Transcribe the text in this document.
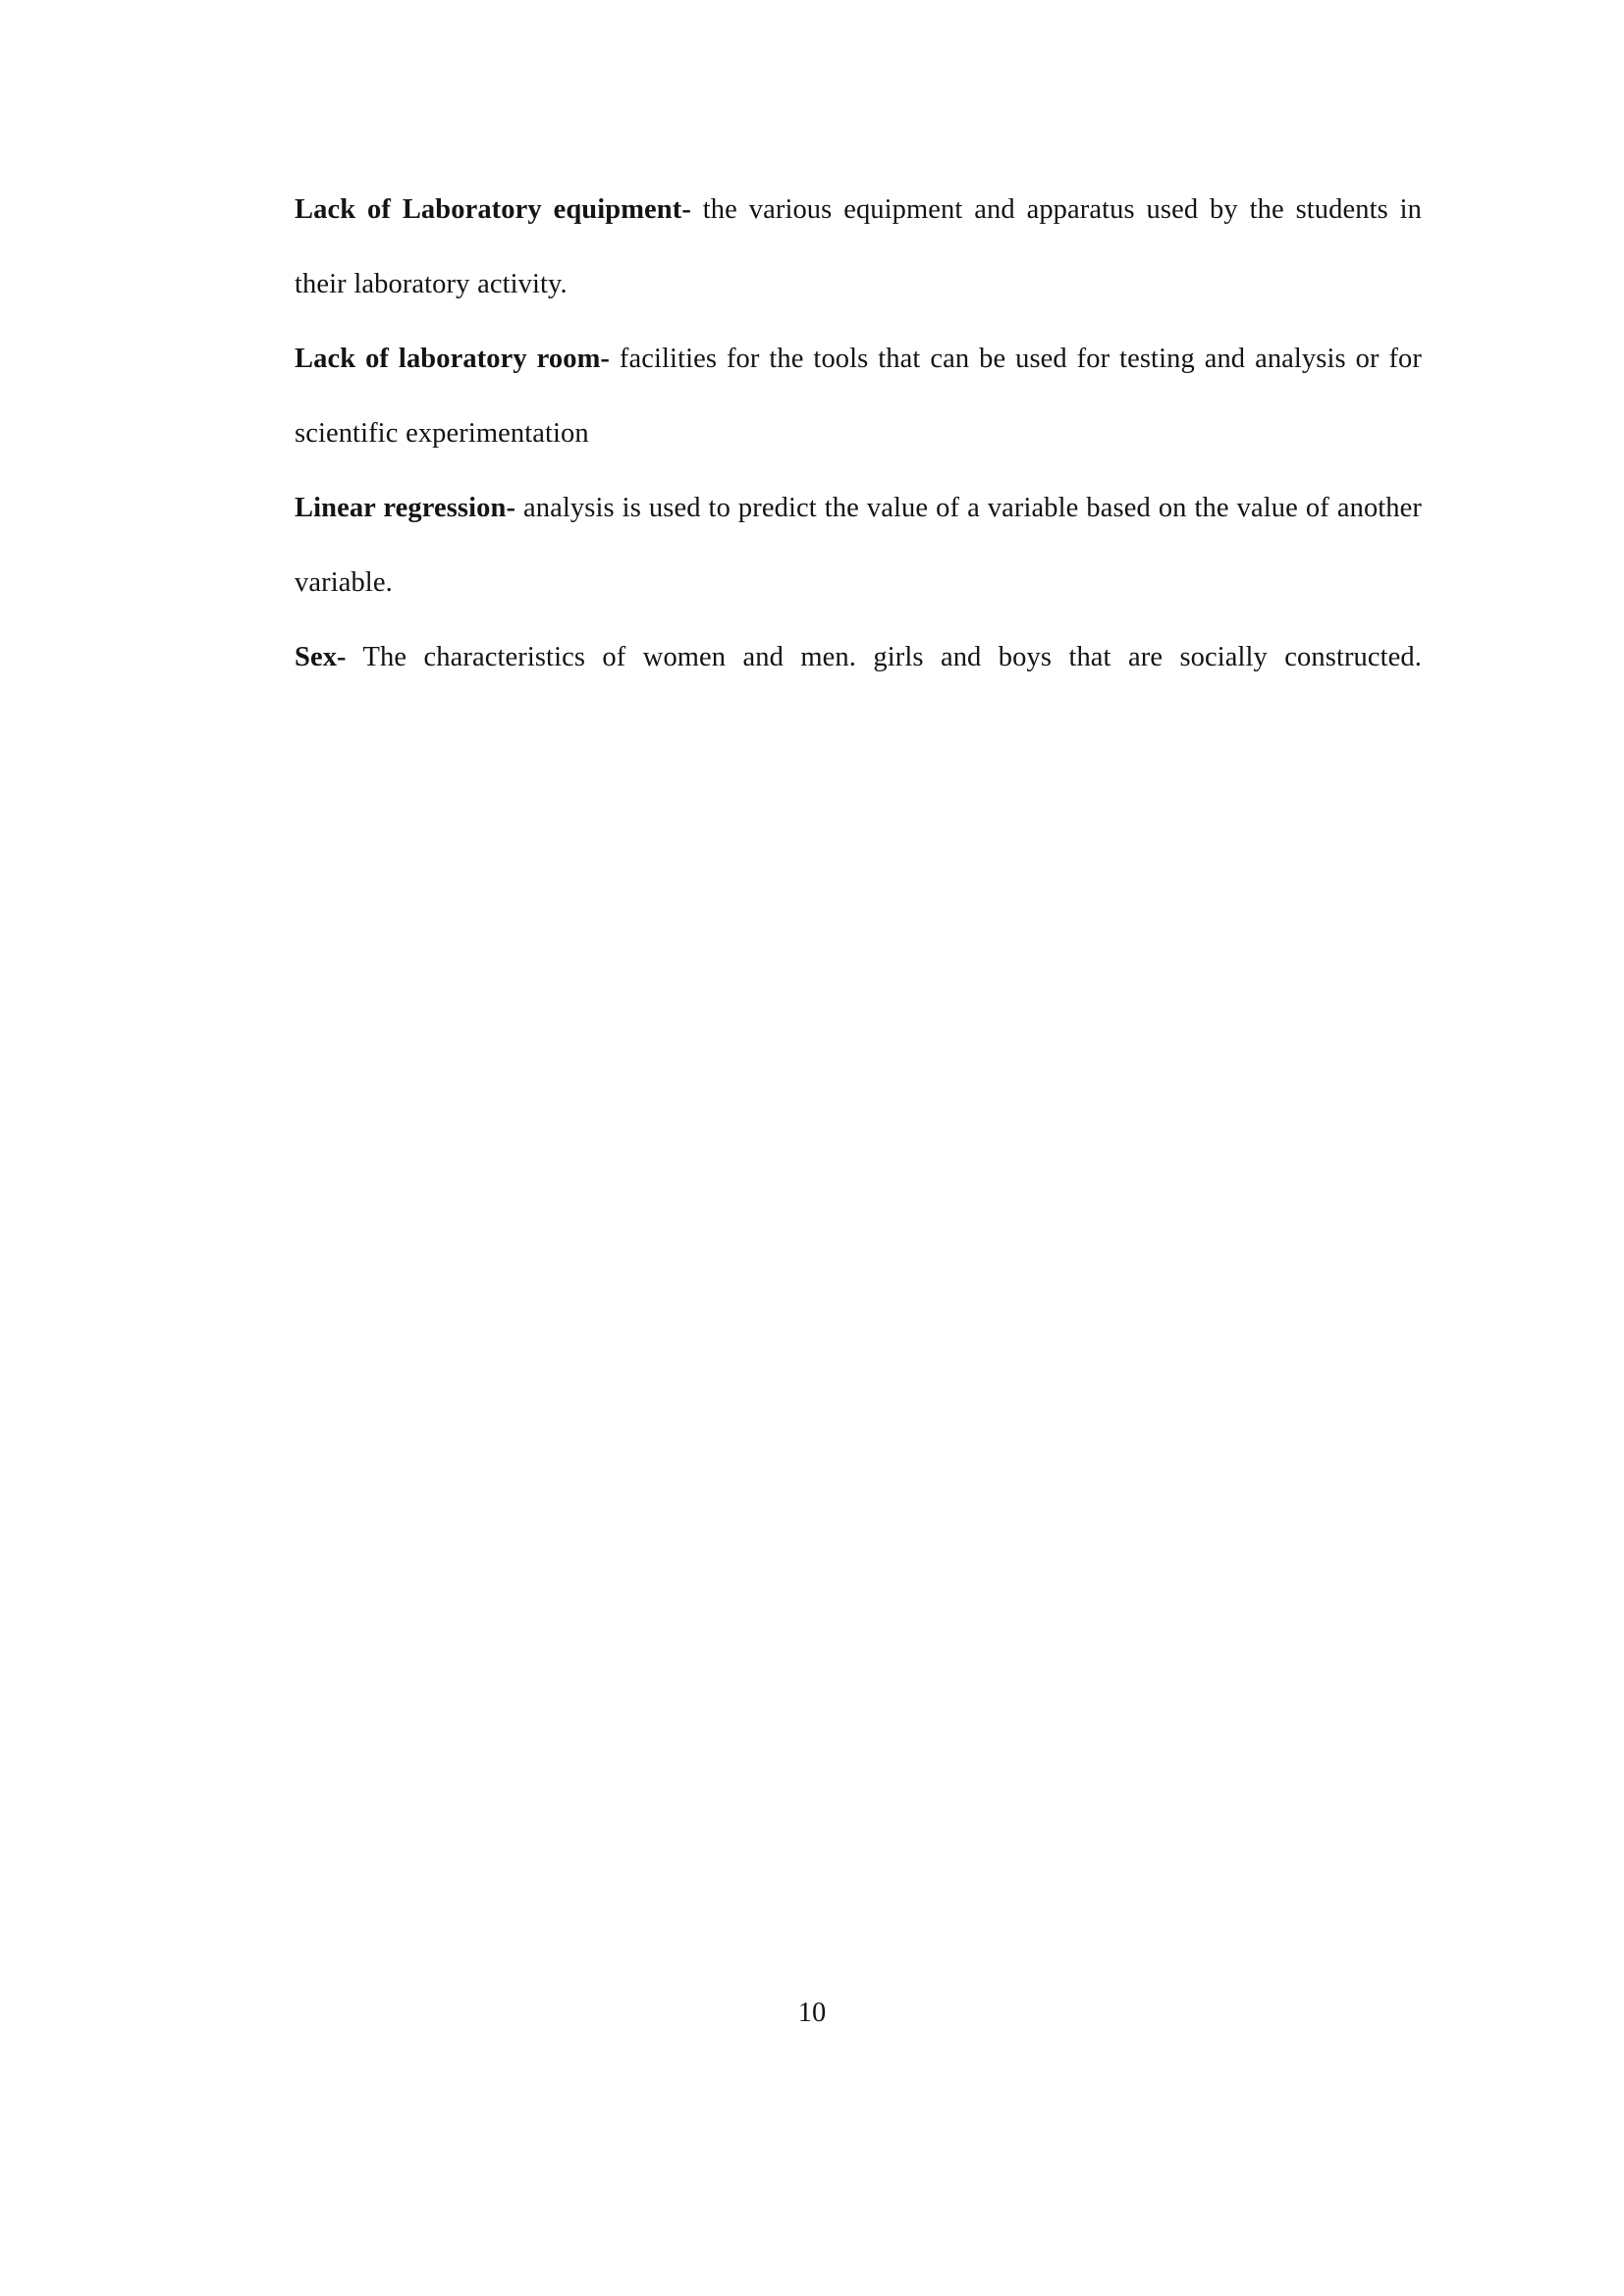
Lack of Laboratory equipment- the various equipment and apparatus used by the students in their laboratory activity.

Lack of laboratory room- facilities for the tools that can be used for testing and analysis or for scientific experimentation

Linear regression- analysis is used to predict the value of a variable based on the value of another variable.

Sex- The characteristics of women and men. girls and boys that are socially constructed.

10
